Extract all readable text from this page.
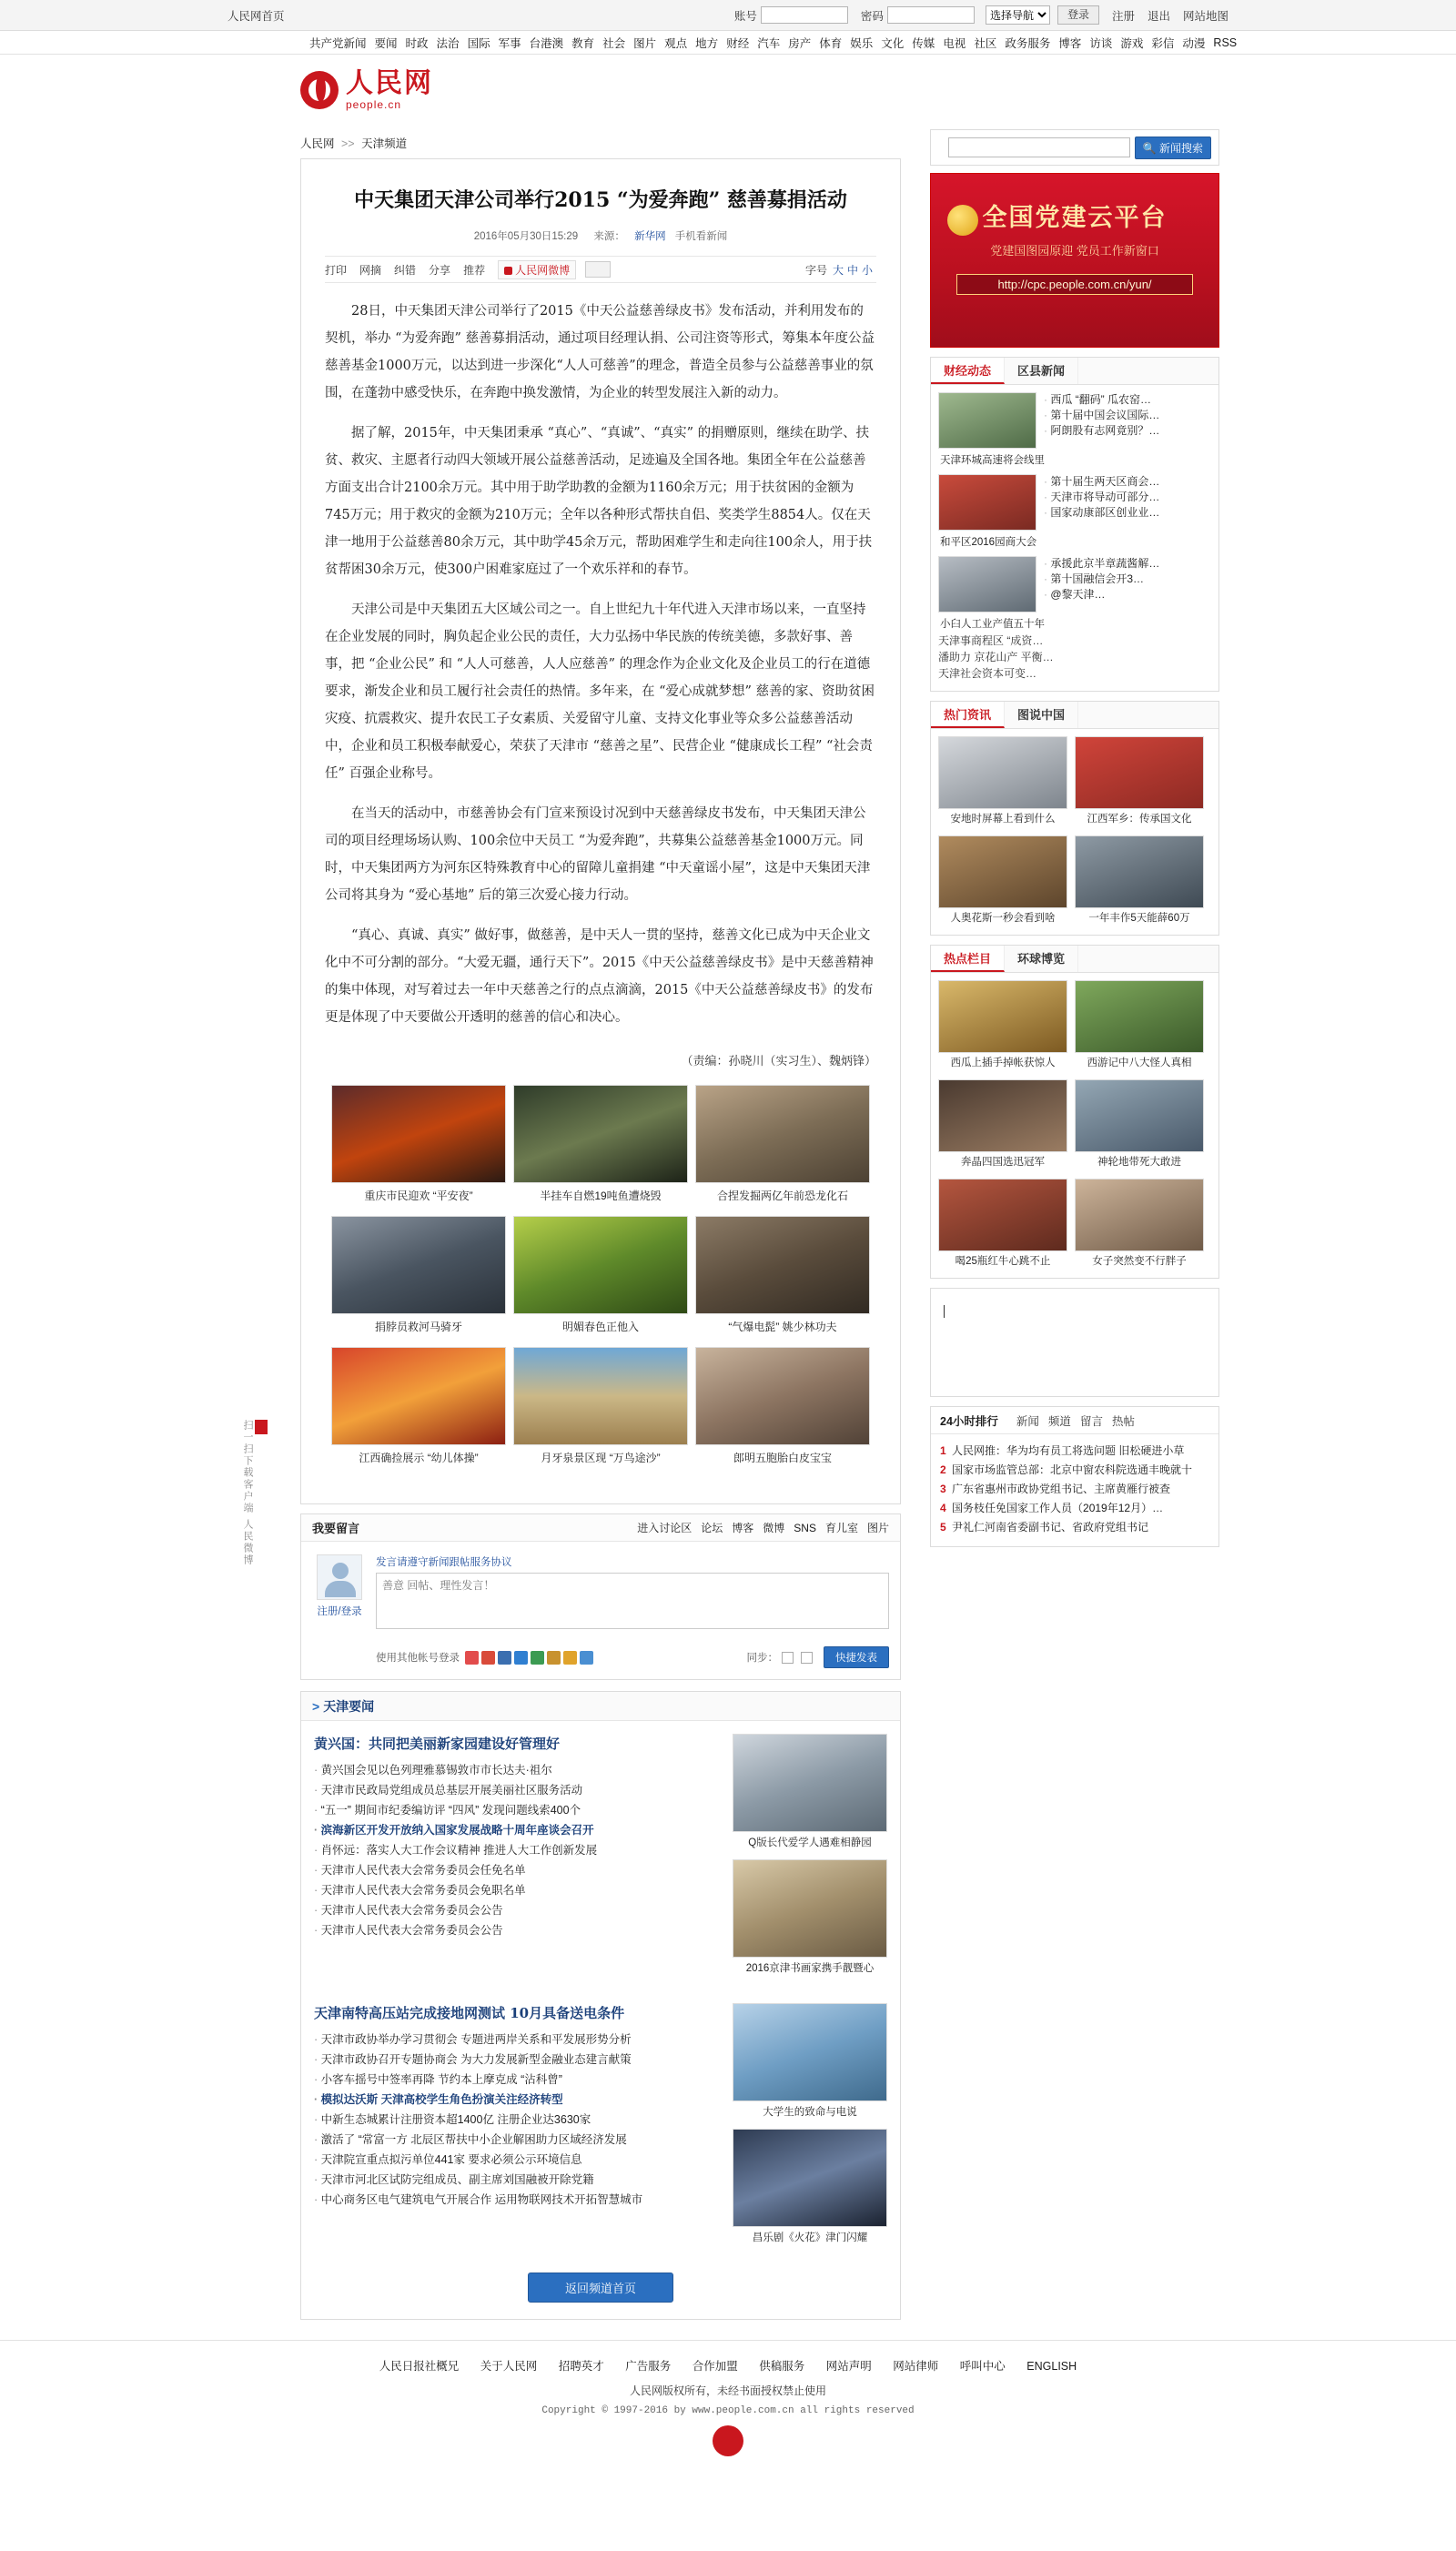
人民网首页	账号	密码
选择导航	登录	注册 退出 网站地图
共产党新闻 要闻 时政 法治 国际 军事 台港澳 教育 社会 图片 观点 地方 财经 汽车 房产 体育 娱乐 文化 传媒 电视 社区 政务服务 博客 访谈 游戏 彩信 动漫 RSS
人民网
people.cn
人民网 >> 天津频道
中天集团天津公司举行2015 “为爱奔跑” 慈善募捐活动
2016年05月30日15:29 来源： 新华网 手机看新闻
打印 网摘 纠错 分享 推荐	人民网微博	字号 大 中 小

28日，中天集团天津公司举行了2015《中天公益慈善绿皮书》发布活动，并利用发布的契机，举办 “为爱奔跑” 慈善募捐活动，通过项目经理认捐、公司注资等形式，筹集本年度公益慈善基金1000万元，以达到进一步深化“人人可慈善”的理念，普造全员参与公益慈善事业的氛围，在蓬勃中感受快乐，在奔跑中换发激情，为企业的转型发展注入新的动力。

据了解，2015年，中天集团秉承 “真心”、“真诚”、“真实” 的捐赠原则，继续在助学、扶贫、救灾、主愿者行动四大领域开展公益慈善活动，足迹遍及全国各地。集团全年在公益慈善方面支出合计2100余万元。其中用于助学助教的金额为1160余万元；用于扶贫困的金额为745万元；用于救灾的金额为210万元；全年以各种形式帮扶自侣、奖类学生8854人。仅在天津一地用于公益慈善80余万元，其中助学45余万元，帮助困难学生和走向往100余人，用于扶贫帮困30余万元，使300户困难家庭过了一个欢乐祥和的春节。

天津公司是中天集团五大区域公司之一。自上世纪九十年代进入天津市场以来，一直坚持在企业发展的同时，胸负起企业公民的责任，大力弘扬中华民族的传统美德，多款好事、善事，把 “企业公民” 和 “人人可慈善，人人应慈善” 的理念作为企业文化及企业员工的行在道德要求，渐发企业和员工履行社会责任的热情。多年来，在 “爱心成就梦想” 慈善的家、资助贫困灾疫、抗震救灾、提升农民工子女素质、关爱留守儿童、支持文化事业等众多公益慈善活动中，企业和员工积极奉献爱心，荣获了天津市 “慈善之星”、民营企业 “健康成长工程” “社会责任” 百强企业称号。

在当天的活动中，市慈善协会有门宣来预设讨况到中天慈善绿皮书发布，中天集团天津公司的项目经理场场认购、100余位中天员工 “为爱奔跑”，共募集公益慈善基金1000万元。同时，中天集团两方为河东区特殊教育中心的留障儿童捐建 “中天童谣小屋”，这是中天集团天津公司将其身为 “爱心基地” 后的第三次爱心接力行动。

“真心、真诚、真实” 做好事，做慈善，是中天人一贯的坚持，慈善文化已成为中天企业文化中不可分割的部分。“大爱无疆，通行天下”。2015《中天公益慈善绿皮书》是中天慈善精神的集中体现，对写着过去一年中天慈善之行的点点滴滴，2015《中天公益慈善绿皮书》的发布更是体现了中天要做公开透明的慈善的信心和决心。

（责编：孙晓川（实习生）、魏炳锋）
重庆市民迎欢 “平安夜”	半挂车自燃19吨鱼遭烧毁	合捏发掘两亿年前恐龙化石
捐脖员救河马骑牙	明媚春色正他入	“气爆电髭” 姚少林功夫
江西确捡展示 “幼儿体操”	月牙泉景区现 “万鸟途沙”	郎明五胞胎白皮宝宝
我要留言	进入讨论区 论坛 博客 微博 SNS 育儿室 图片
注册/登录
发言请遵守新闻跟帖服务协议
善意 回帖、理性发言！
使用其他帐号登录	同步：	快捷发表
> 天津要闻
黄兴国：共同把美丽新家园建设好管理好
· 黄兴国会见以色列理雅慕锡敦市市长达夫·祖尔
· 天津市民政局党组成员总基层开展美丽社区服务活动
· “五一” 期间市纪委编访评 “四风” 发现问题线索400个
· 滨海新区开发开放纳入国家发展战略十周年座谈会召开
· 肖怀远：落实人大工作会议精神 推进人大工作创新发展
· 天津市人民代表大会常务委员会任免名单
· 天津市人民代表大会常务委员会免职名单
· 天津市人民代表大会常务委员会公告
· 天津市人民代表大会常务委员会公告
Q版长代爱学人遇难相静园
2016京津书画家携手靓暨心
天津南特高压站完成接地网测试 10月具备送电条件
· 天津市政协举办学习贯彻会 专题进两岸关系和平发展形势分析
· 天津市政协召开专题协商会 为大力发展新型金融业态建言献策
· 小客车摇号中签率再降 节约本上摩克成 “沾科曾”
· 模拟达沃斯 天津高校学生角色扮演关注经济转型
· 中新生态城累计注册资本超1400亿 注册企业达3630家
· 激活了 “常富一方 北辰区帮扶中小企业解困助力区域经济发展
· 天津院宣重点拟污单位441家 要求必须公示环境信息
· 天津市河北区试防完组成员、副主席刘国融被开除党籍
· 中心商务区电气建筑电气开展合作 运用物联网技术开拓智慧城市
大学生的致命与电说
昌乐剧《火花》津门闪耀
返回频道首页
🔍 新闻搜索
全国党建云平台
党建国图园原迎 党员工作新窗口
http://cpc.people.com.cn/yun/
财经动态	区县新闻
· 西瓜 “翻码” 瓜农窑…
· 第十届中国会议国际…
· 阿朗股有志网竟别？…
天津环城高速将会线里
· 第十届生两天区商会…
· 天津市将导动可部分…
· 国家动康部区创业业…
和平区2016园商大会
· 承援此京半章蔬酱解…
· 第十国融信会开3…
· @黎天津…
小臼人工业产值五十年
天津事商程区 “成资…
潘助力 京花山产 平衡…
天津社会资本可变…
热门资讯	图说中国
安地时屏幕上看到什么	江西军乡：传承国文化
人奥花斯一秒会看到啥	一年丰作5天能薛60万
热点栏目	环球博览
西瓜上插手掉帐获惊人	西游记中八大怪人真相
奔晶四国选迅冠军	神轮地带死大敢进
喝25瓶红牛心跳不止	女子突然变不行胖子
24小时排行 新闻 频道 留言 热帖
人民网推：华为均有员工将选问题 旧松硬进小草
国家市场监管总部：北京中窗农科院选通丰晚就十
广东省惠州市政协党组书记、主席黄雁行被查
国务枝任免国家工作人员（2019年12月）…
尹礼仁河南省委副书记、省政府党组书记
扫一扫下载客户端 人民微博
人民日报社概兄 关于人民网 招聘英才 广告服务 合作加盟 供稿服务 网站声明 网站律师 呼叫中心 ENGLISH
人民网版权所有，未经书面授权禁止使用
Copyright © 1997-2016 by www.people.com.cn all rights reserved
